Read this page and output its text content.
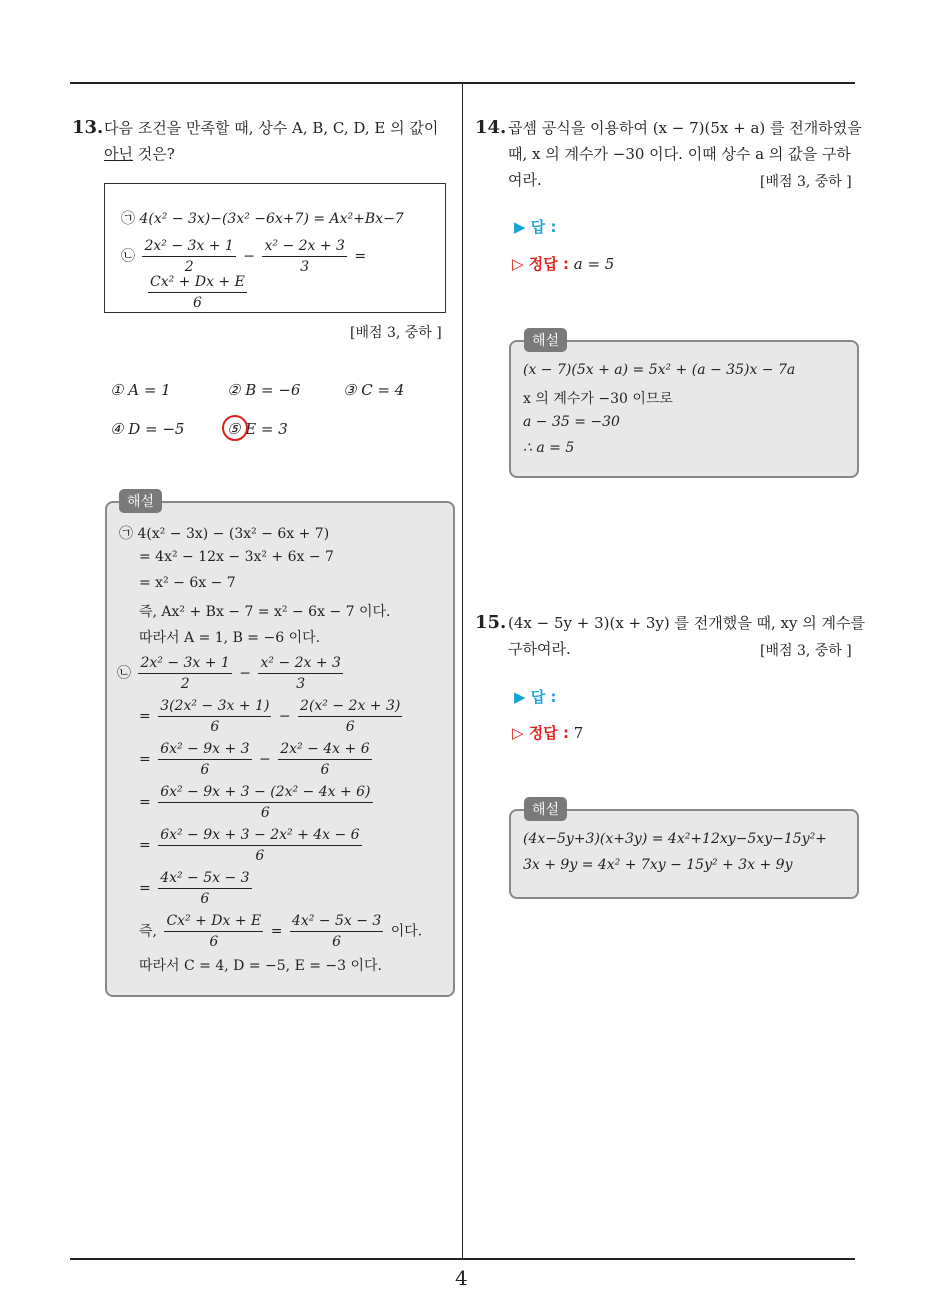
4
13. 다음 조건을 만족할 때, 상수 A, B, C, D, E 의 값이
아닌 것은?
㉠ 4(x² − 3x)−(3x² −6x+7) = Ax²+Bx−7
㉡ $\frac{\text{2x² − 3x + 1}}{2} - \frac{\text{x² − 2x + 3}}{3}$ =
$\frac{\text{Cx² + Dx + E}}{6}$
[배점 3, 중하 ]
① A = 1	② B = −6	③ C = 4
④ D = −5	⑤ E = 3
㉠ 4(x² − 3x) − (3x² − 6x + 7)
= 4x² − 12x − 3x² + 6x − 7
= x² − 6x − 7
즉, Ax² + Bx − 7 = x² − 6x − 7 이다.
따라서 A = 1, B = −6 이다.
㉡ $\frac{\text{2x² − 3x + 1}}{2} - \frac{\text{x² − 2x + 3}}{3}$
= $\frac{\text{3(2x² − 3x + 1)}}{6} - \frac{\text{2(x² − 2x + 3)}}{6}$
= $\frac{\text{6x² − 9x + 3}}{6} - \frac{\text{2x² − 4x + 6}}{6}$
= $\frac{\text{6x² − 9x + 3 − (2x² − 4x + 6)}}{6}$
= $\frac{\text{6x² − 9x + 3 − 2x² + 4x − 6}}{6}$
= $\frac{\text{4x² − 5x − 3}}{6}$
즉, $\frac{\text{Cx² + Dx + E}}{6} = \frac{\text{4x² − 5x − 3}}{6}$ 이다.
따라서 C = 4, D = −5, E = −3 이다.
해설
14. 곱셈 공식을 이용하여 (x − 7)(5x + a) 를 전개하였을
때, x 의 계수가 −30 이다. 이때 상수 a 의 값을 구하
여라.	[배점 3, 중하 ]
▶ 답 :
▷ 정답 : a = 5
(x − 7)(5x + a) = 5x² + (a − 35)x − 7a
x 의 계수가 −30 이므로
a − 35 = −30
∴ a = 5
해설
15. (4x − 5y + 3)(x + 3y) 를 전개했을 때, xy 의 계수를
구하여라.	[배점 3, 중하 ]
▶ 답 :
▷ 정답 : 7
(4x−5y+3)(x+3y) = 4x²+12xy−5xy−15y²+
3x + 9y = 4x² + 7xy − 15y² + 3x + 9y
해설
